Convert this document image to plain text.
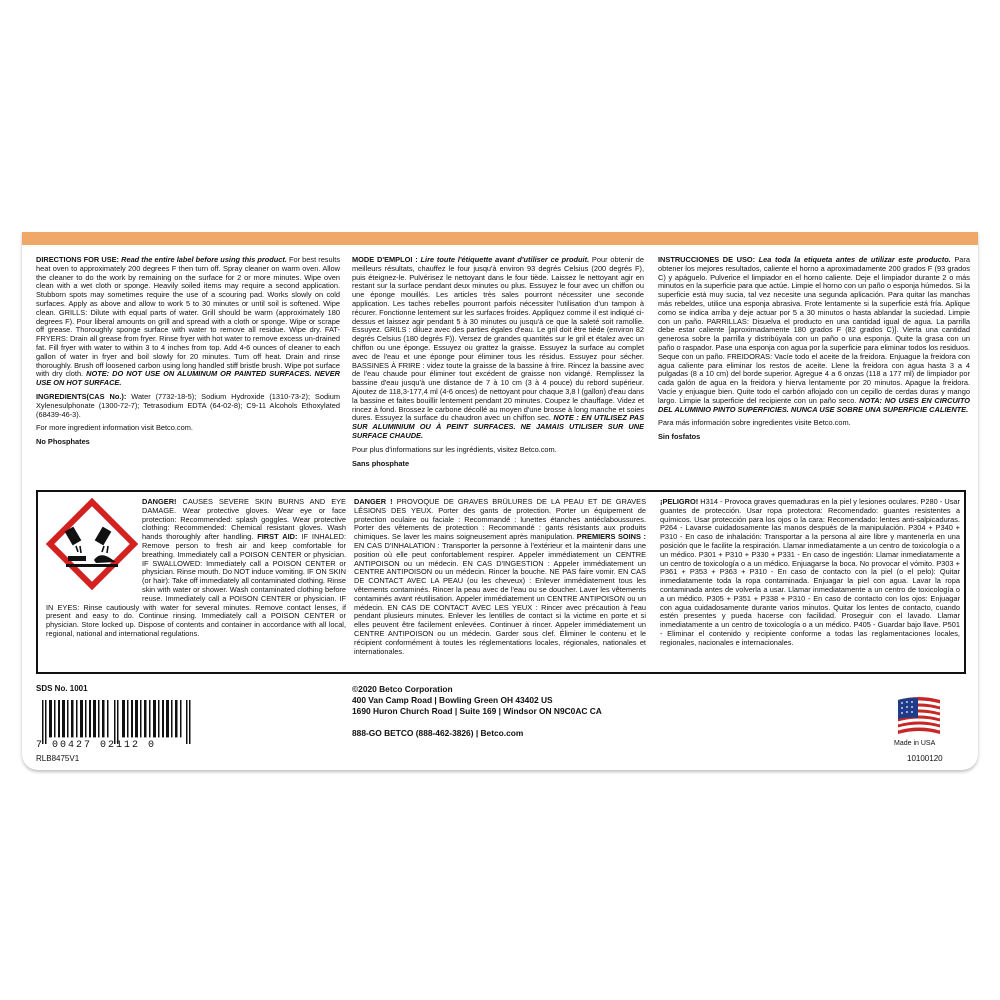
DIRECTIONS FOR USE: Read the entire label before using this product. For best results heat oven to approximately 200 degrees F then turn off. Spray cleaner on warm oven. Allow the cleaner to do the work by remaining on the surface for 2 or more minutes. Wipe oven clean with a wet cloth or sponge. Heavily soiled items may require a second application. Stubborn spots may sometimes require the use of a scouring pad. Works slowly on cold surfaces. Apply as above and allow to work 5 to 30 minutes or until soil is softened. Wipe clean. GRILLS: Dilute with equal parts of water. Grill should be warm (approximately 180 degrees F). Pour liberal amounts on grill and spread with a cloth or sponge. Wipe or scrape off grease. Thoroughly sponge surface with water to remove all residue. Wipe dry. FAT-FRYERS: Drain all grease from fryer. Rinse fryer with hot water to remove excess un-drained fat. Fill fryer with water to within 3 to 4 inches from top. Add 4-6 ounces of cleaner to each gallon of water in fryer and boil slowly for 20 minutes. Turn off heat. Drain and rinse thoroughly. Brush off loosened carbon using long handled stiff bristle brush. Wipe pot surface with dry cloth. NOTE: DO NOT USE ON ALUMINUM OR PAINTED SURFACES. NEVER USE ON HOT SURFACE.

INGREDIENTS(CAS No.): Water (7732-18-5); Sodium Hydroxide (1310-73-2); Sodium Xylenesulphonate (1300-72-7); Tetrasodium EDTA (64-02-8); C9-11 Alcohols Ethoxylated (68439-46-3).

For more ingredient information visit Betco.com.

No Phosphates

MODE D'EMPLOI : Lire toute l'étiquette avant d'utiliser ce produit. Pour obtenir de meilleurs résultats, chauffez le four jusqu'à environ 93 degrés Celsius (200 degrés F), puis éteignez-le. Pulvérisez le nettoyant dans le four tiède. Laissez le nettoyant agir en restant sur la surface pendant deux minutes ou plus. Essuyez le four avec un chiffon ou une éponge mouillés. Les articles très sales pourront nécessiter une seconde application. Les taches rebelles pourront parfois nécessiter l'utilisation d'un tampon à récurer. Fonctionne lentement sur les surfaces froides. Appliquez comme il est indiqué ci-dessus et laissez agir pendant 5 à 30 minutes ou jusqu'à ce que la saleté soit ramollie. Essuyez. GRILS : diluez avec des parties égales d'eau. Le gril doit être tiède (environ 82 degrés Celsius (180 degrés F)). Versez de grandes quantités sur le gril et étalez avec un chiffon ou une éponge. Essuyez ou grattez la graisse. Essuyez la surface au complet avec de l'eau et une éponge pour éliminer tous les résidus. Essuyez pour sécher. BASSINES À FRIRE : videz toute la graisse de la bassine à frire. Rincez la bassine avec de l'eau chaude pour éliminer tout excédent de graisse non vidangé. Remplissez la bassine d'eau jusqu'à une distance de 7 à 10 cm (3 à 4 pouce) du rebord supérieur. Ajoutez de 118,3-177,4 ml (4-6 onces) de nettoyant pour chaque 3,8 l (gallon) d'eau dans la bassine et faites bouillir lentement pendant 20 minutes. Coupez le chauffage. Videz et rincez à fond. Brossez le carbone décollé au moyen d'une brosse à long manche et soies dures. Essuyez la surface du chaudron avec un chiffon sec. NOTE : EN UTILISEZ PAS SUR ALUMINIUM OU À PEINT SURFACES. NE JAMAIS UTILISER SUR UNE SURFACE CHAUDE.

Pour plus d'informations sur les ingrédients, visitez Betco.com.

Sans phosphate

INSTRUCCIONES DE USO: Lea toda la etiqueta antes de utilizar este producto. Para obtener los mejores resultados, caliente el horno a aproximadamente 200 grados F (93 grados C) y apáguelo. Pulverice el limpiador en el horno caliente. Deje el limpiador durante 2 o más minutos en la superficie para que actúe. Limpie el horno con un paño o esponja húmedos. Si la superficie está muy sucia, tal vez necesite una segunda aplicación. Para quitar las manchas más rebeldes, utilice una esponja abrasiva. Frote lentamente si la superficie está fría. Aplique como se indica arriba y deje actuar por 5 a 30 minutos o hasta ablandar la suciedad. Limpie con un paño. PARRILLAS: Disuelva el producto en una cantidad igual de agua. La parrilla debe estar caliente [aproximadamente 180 grados F (82 grados C)]. Vierta una cantidad generosa sobre la parrilla y distribúyala con un paño o una esponja. Quite la grasa con un paño o raspador. Pase una esponja con agua por la superficie para eliminar todos los residuos. Seque con un paño. FREIDORAS: Vacíe todo el aceite de la freidora. Enjuague la freidora con agua caliente para eliminar los restos de aceite. Llene la freidora con agua hasta 3 a 4 pulgadas (8 a 10 cm) del borde superior. Agregue 4 a 6 onzas (118 a 177 ml) de limpiador por cada galón de agua en la freidora y hierva lentamente por 20 minutos. Apague la freidora. Vacíe y enjuague bien. Quite todo el carbón aflojado con un cepillo de cerdas duras y mango largo. Limpie la superficie del recipiente con un paño seco. NOTA: NO USES EN CIRCUITO DEL ALUMINIO PINTO SUPERFICIES. NUNCA USE SOBRE UNA SUPERFICIE CALIENTE.

Para más información sobre ingredientes visite Betco.com.

Sin fosfatos

DANGER! CAUSES SEVERE SKIN BURNS AND EYE DAMAGE. Wear protective gloves. Wear eye or face protection: Recommended: splash goggles. Wear protective clothing: Recommended: Chemical resistant gloves. Wash hands thoroughly after handling. FIRST AID: IF INHALED: Remove person to fresh air and keep comfortable for breathing. Immediately call a POISON CENTER or physician. IF SWALLOWED: Immediately call a POISON CENTER or physician. Rinse mouth. Do NOT induce vomiting. IF ON SKIN (or hair): Take off immediately all contaminated clothing. Rinse skin with water or shower. Wash contaminated clothing before reuse. Immediately call a POISON CENTER or physician. IF IN EYES: Rinse cautiously with water for several minutes. Remove contact lenses, if present and easy to do. Continue rinsing. Immediately call a POISON CENTER or physician. Store locked up. Dispose of contents and container in accordance with all local, regional, national and international regulations.
DANGER ! PROVOQUE DE GRAVES BRÛLURES DE LA PEAU ET DE GRAVES LÉSIONS DES YEUX. Porter des gants de protection. Porter un équipement de protection oculaire ou faciale : Recommandé : lunettes étanches antiéclaboussures. Porter des vêtements de protection : Recommandé : gants résistants aux produits chimiques. Se laver les mains soigneusement après manipulation. PREMIERS SOINS : EN CAS D'INHALATION : Transporter la personne à l'extérieur et la maintenir dans une position où elle peut confortablement respirer. Appeler immédiatement un CENTRE ANTIPOISON ou un médecin. EN CAS D'INGESTION : Appeler immédiatement un CENTRE ANTIPOISON ou un médecin. Rincer la bouche. NE PAS faire vomir. EN CAS DE CONTACT AVEC LA PEAU (ou les cheveux) : Enlever immédiatement tous les vêtements contaminés. Rincer la peau avec de l'eau ou se doucher. Laver les vêtements contaminés avant réutilisation. Appeler immédiatement un CENTRE ANTIPOISON ou un médecin. EN CAS DE CONTACT AVEC LES YEUX : Rincer avec précaution à l'eau pendant plusieurs minutes. Enlever les lentilles de contact si la victime en porte et si elles peuvent être facilement enlevées. Continuer à rincer. Appeler immédiatement un CENTRE ANTIPOISON ou un médecin. Garder sous clef. Éliminer le contenu et le récipient conformément à toutes les réglementations locales, régionales, nationales et internationales.
¡PELIGRO! H314 - Provoca graves quemaduras en la piel y lesiones oculares. P280 - Usar guantes de protección. Usar ropa protectora: Recomendado: guantes resistentes a químicos. Usar protección para los ojos o la cara: Recomendado: lentes anti-salpicaduras. P264 - Lavarse cuidadosamente las manos después de la manipulación. P304 + P340 + P310 - En caso de inhalación: Transportar a la persona al aire libre y mantenerla en una posición que le facilite la respiración. Llamar inmediatamente a un centro de toxicología o a un médico. P301 + P310 + P330 + P331 - En caso de ingestión: Llamar inmediatamente a un centro de toxicología o a un médico. Enjuagarse la boca. No provocar el vómito. P303 + P361 + P353 + P363 + P310 - En caso de contacto con la piel (o el pelo): Quitar inmediatamente toda la ropa contaminada. Enjuagar la piel con agua. Lavar la ropa contaminada antes de volverla a usar. Llamar inmediatamente a un centro de toxicología o a un médico. P305 + P351 + P338 + P310 - En caso de contacto con los ojos: Enjuagar con agua cuidadosamente durante varios minutos. Quitar los lentes de contacto, cuando estén presentes y pueda hacerse con facilidad. Proseguir con el lavado. Llamar inmediatamente a un centro de toxicología o a un médico. P405 - Guardar bajo llave. P501 - Eliminar el contenido y recipiente conforme a todas las reglamentaciones locales, regionales, nacionales e internacionales.
SDS No. 1001
7 00427 02112 0
RLB8475V1
©2020 Betco Corporation
400 Van Camp Road | Bowling Green OH 43402 US
1690 Huron Church Road | Suite 169 | Windsor ON N9C0AC CA
888-GO BETCO (888-462-3826) | Betco.com
Made in USA
10100120
